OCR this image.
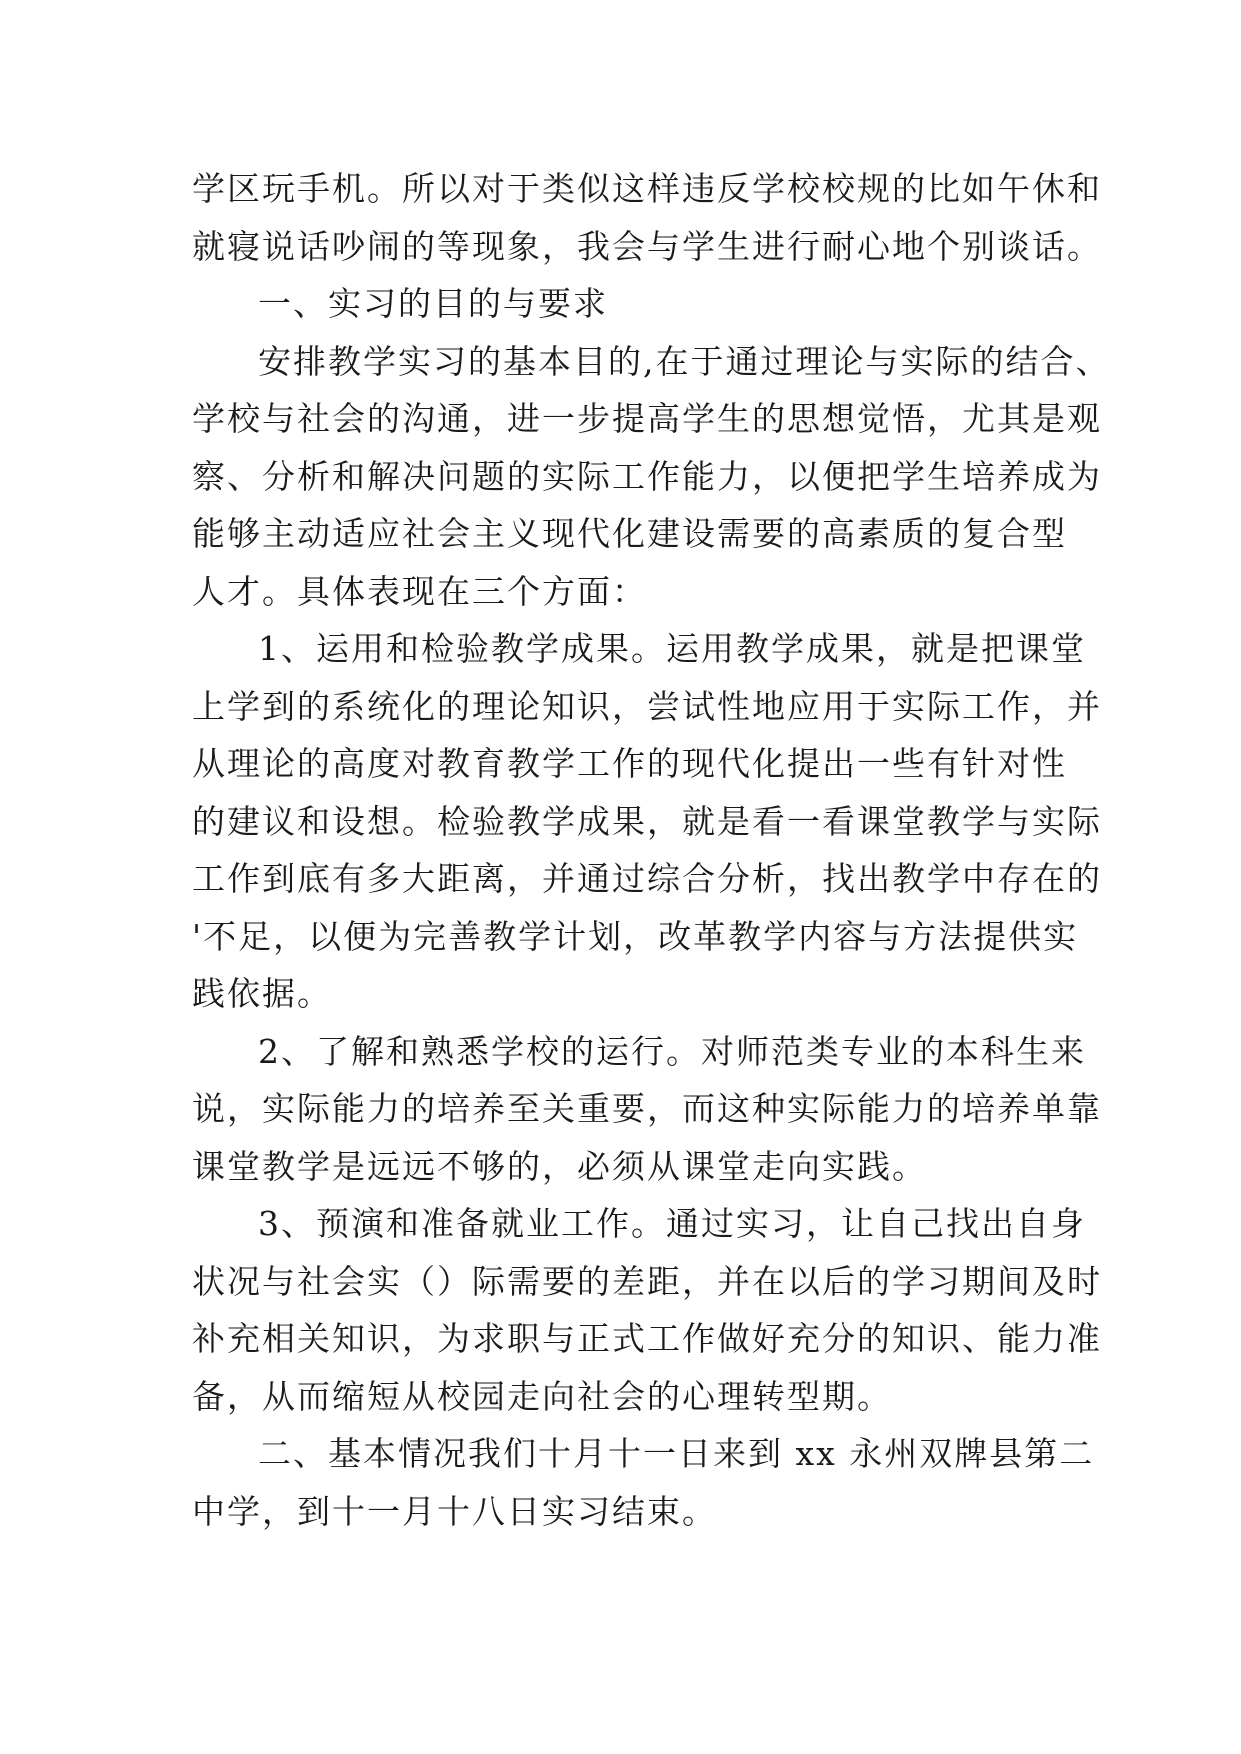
学区玩手机。所以对于类似这样违反学校校规的比如午休和
就寝说话吵闹的等现象，我会与学生进行耐心地个别谈话。
一、实习的目的与要求
安排教学实习的基本目的,在于通过理论与实际的结合、
学校与社会的沟通，进一步提高学生的思想觉悟，尤其是观
察、分析和解决问题的实际工作能力，以便把学生培养成为
能够主动适应社会主义现代化建设需要的高素质的复合型
人才。具体表现在三个方面：
1、运用和检验教学成果。运用教学成果，就是把课堂
上学到的系统化的理论知识，尝试性地应用于实际工作，并
从理论的高度对教育教学工作的现代化提出一些有针对性
的建议和设想。检验教学成果，就是看一看课堂教学与实际
工作到底有多大距离，并通过综合分析，找出教学中存在的
'不足，以便为完善教学计划，改革教学内容与方法提供实
践依据。
2、了解和熟悉学校的运行。对师范类专业的本科生来
说，实际能力的培养至关重要，而这种实际能力的培养单靠
课堂教学是远远不够的，必须从课堂走向实践。
3、预演和准备就业工作。通过实习，让自己找出自身
状况与社会实（）际需要的差距，并在以后的学习期间及时
补充相关知识，为求职与正式工作做好充分的知识、能力准
备，从而缩短从校园走向社会的心理转型期。
二、基本情况我们十月十一日来到 xx 永州双牌县第二
中学，到十一月十八日实习结束。
